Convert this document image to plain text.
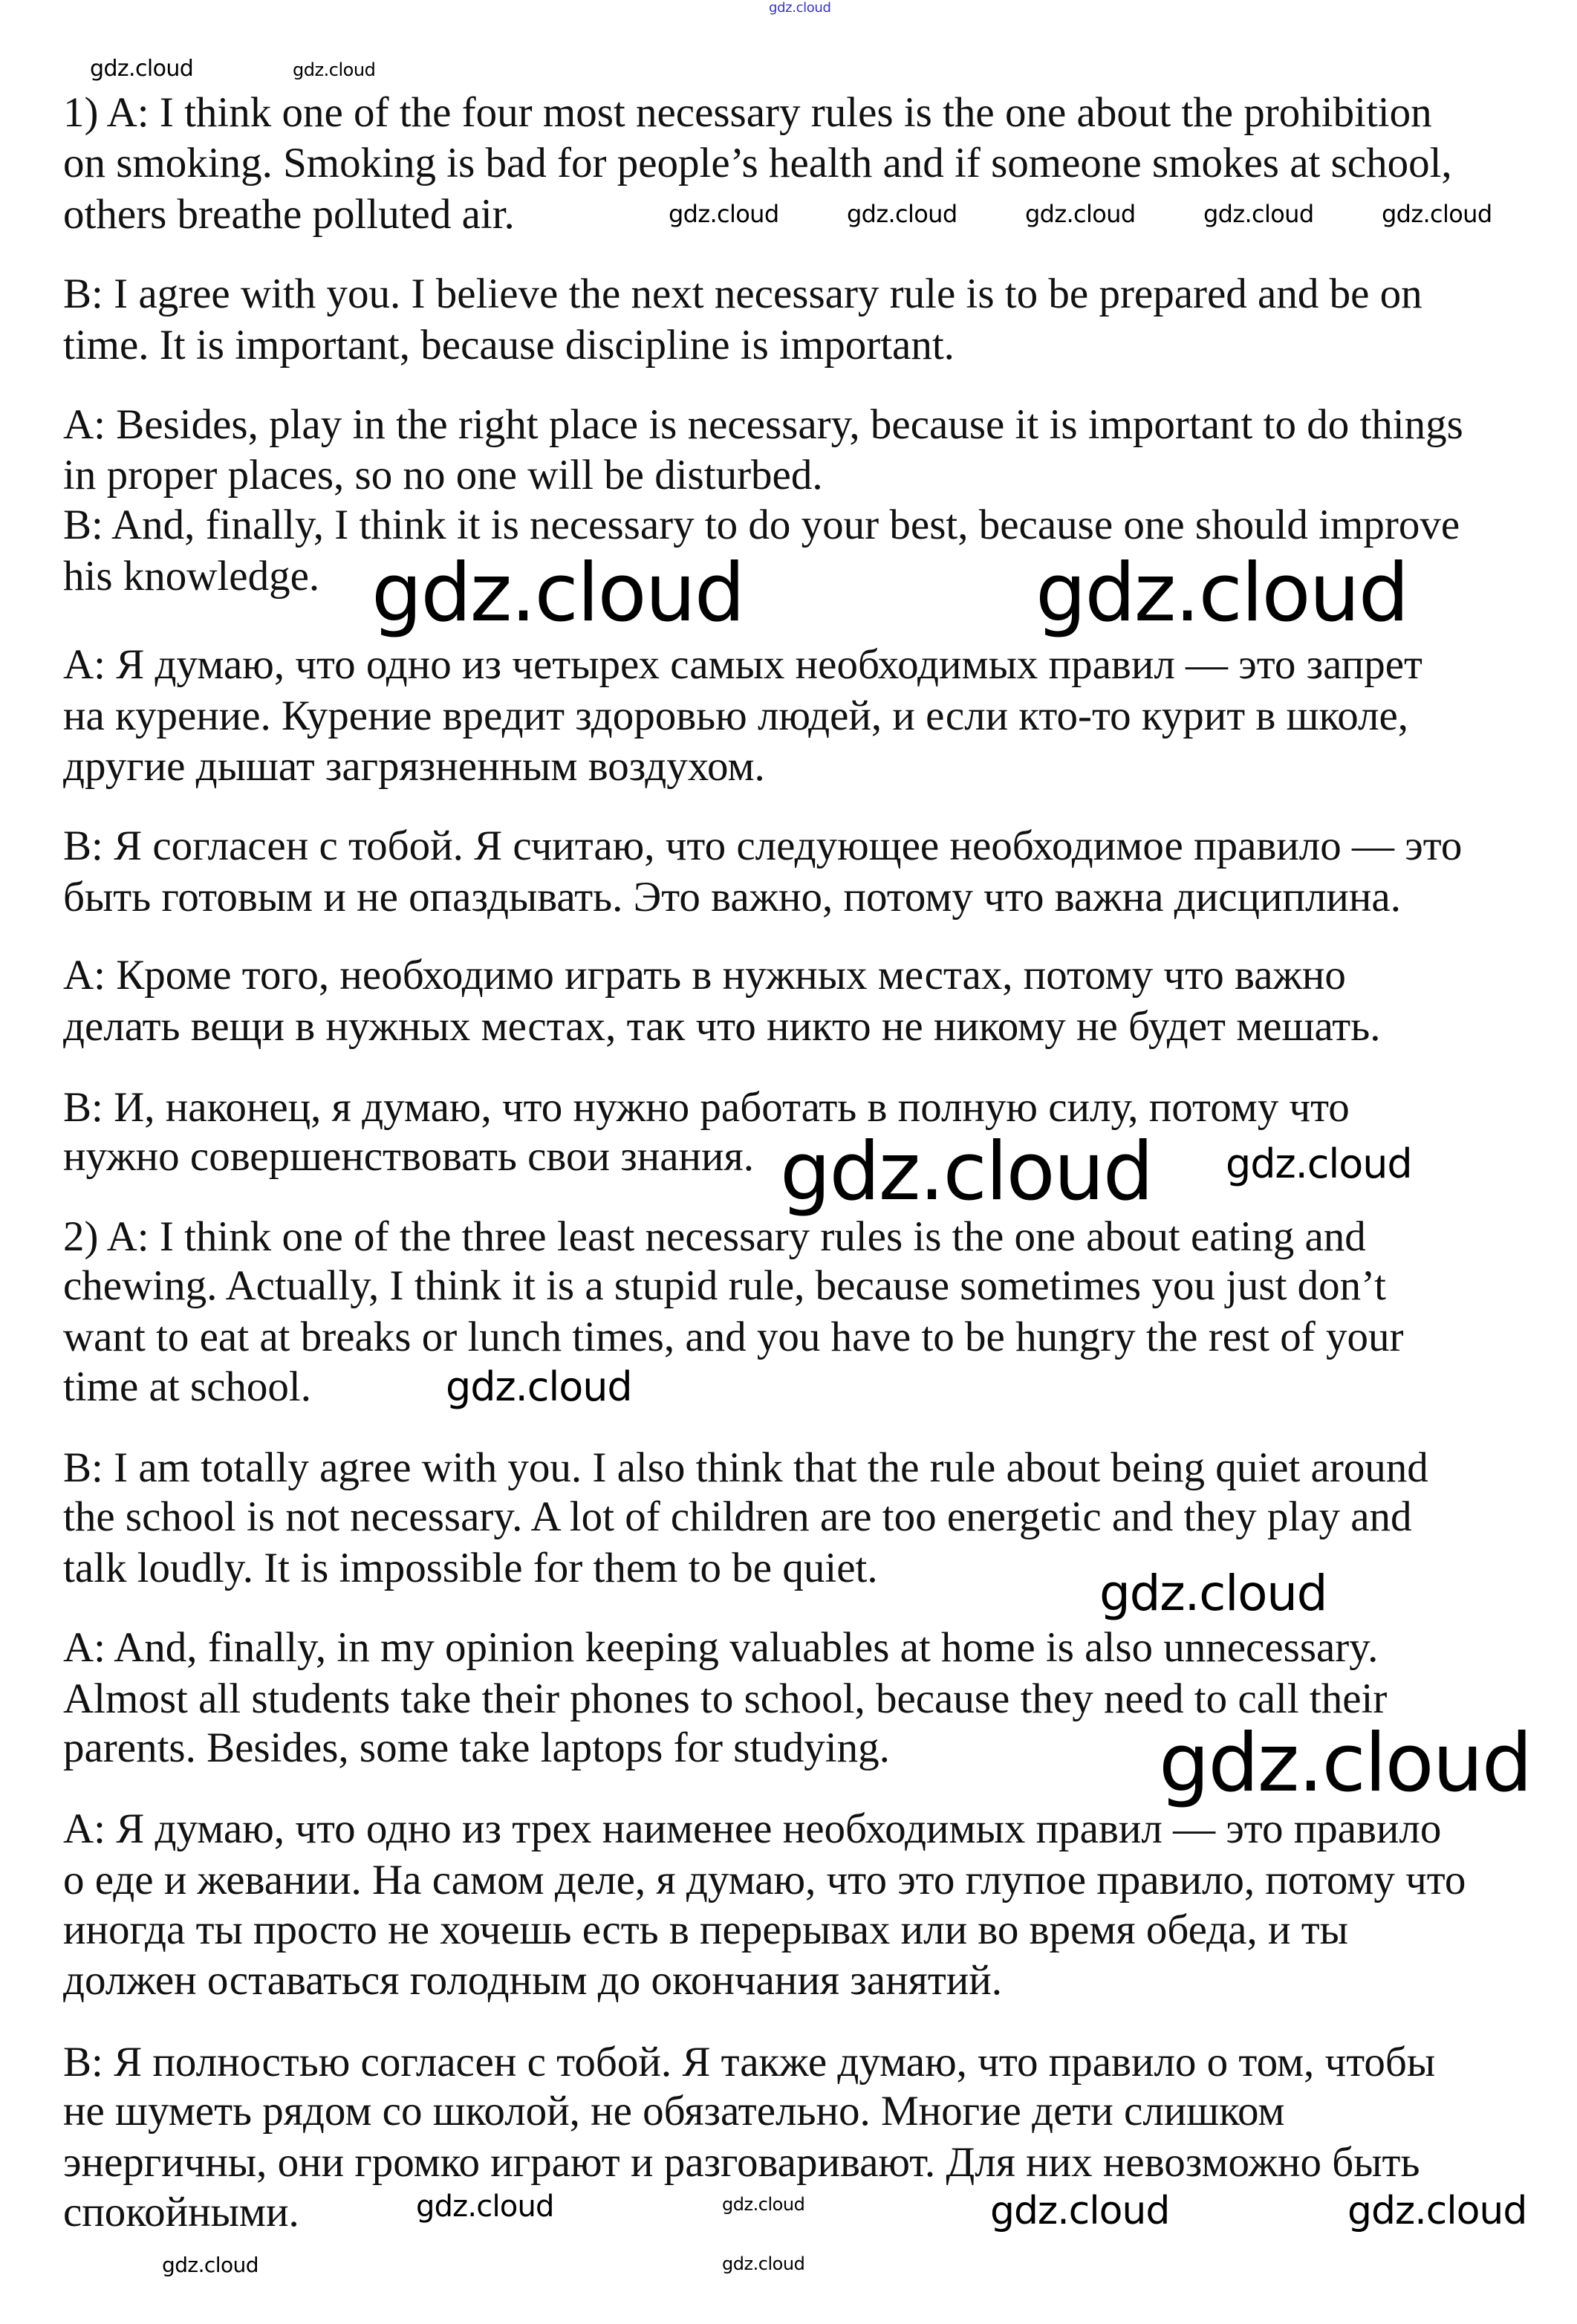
1) A: I think one of the four most necessary rules is the one about the prohibition
on smoking. Smoking is bad for people’s health and if someone smokes at school,
others breathe polluted air.
B: I agree with you. I believe the next necessary rule is to be prepared and be on
time. It is important, because discipline is important.
A: Besides, play in the right place is necessary, because it is important to do things
in proper places, so no one will be disturbed.
B: And, finally, I think it is necessary to do your best, because one should improve
his knowledge.
A: Я думаю, что одно из четырех самых необходимых правил — это запрет
на курение. Курение вредит здоровью людей, и если кто-то курит в школе,
другие дышат загрязненным воздухом.
B: Я согласен с тобой. Я считаю, что следующее необходимое правило — это
быть готовым и не опаздывать. Это важно, потому что важна дисциплина.
A: Кроме того, необходимо играть в нужных местах, потому что важно
делать вещи в нужных местах, так что никто не никому не будет мешать.
B: И, наконец, я думаю, что нужно работать в полную силу, потому что
нужно совершенствовать свои знания.
2) A: I think one of the three least necessary rules is the one about eating and
chewing. Actually, I think it is a stupid rule, because sometimes you just don’t
want to eat at breaks or lunch times, and you have to be hungry the rest of your
time at school.
B: I am totally agree with you. I also think that the rule about being quiet around
the school is not necessary. A lot of children are too energetic and they play and
talk loudly. It is impossible for them to be quiet.
A: And, finally, in my opinion keeping valuables at home is also unnecessary.
Almost all students take their phones to school, because they need to call their
parents. Besides, some take laptops for studying.
A: Я думаю, что одно из трех наименее необходимых правил — это правило
о еде и жевании. На самом деле, я думаю, что это глупое правило, потому что
иногда ты просто не хочешь есть в перерывах или во время обеда, и ты
должен оставаться голодным до окончания занятий.
B: Я полностью согласен с тобой. Я также думаю, что правило о том, чтобы
не шуметь рядом со школой, не обязательно. Многие дети слишком
энергичны, они громко играют и разговаривают. Для них невозможно быть
спокойными.
gdz.cloud
gdz.cloud	gdz.cloud
gdz.cloud	gdz.cloud	gdz.cloud	gdz.cloud	gdz.cloud
gdz.cloud	gdz.cloud
gdz.cloud
gdz.cloud
gdz.cloud
gdz.cloud
gdz.cloud
gdz.cloud	gdz.cloud
gdz.cloud	gdz.cloud	gdz.cloud	gdz.cloud
